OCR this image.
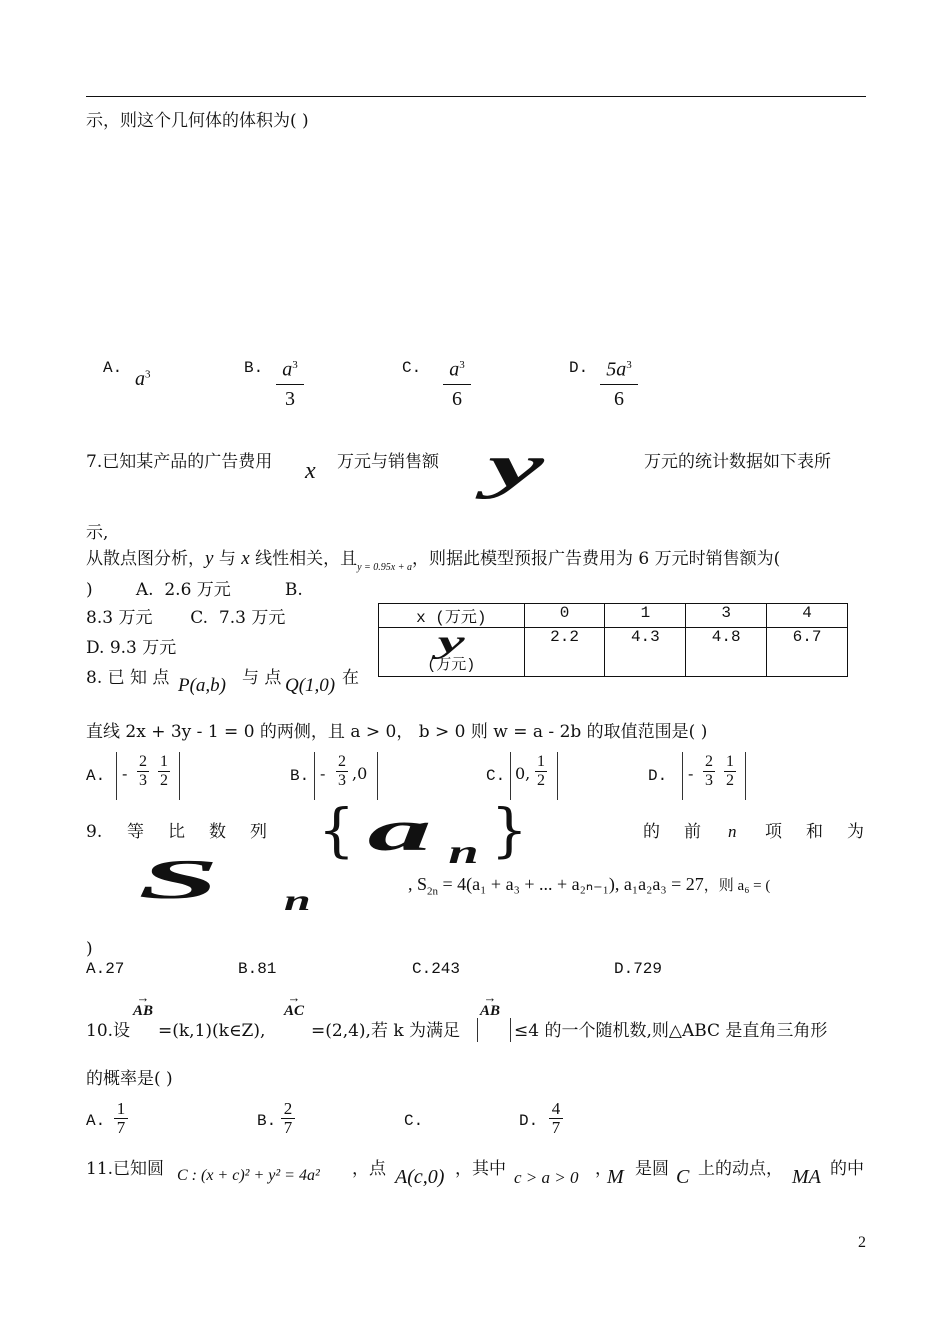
示，则这个几何体的体积为( )
A. $a^3$	B. $a^3$
3
C.	$a^3$
6
D. $5a^3$
6
7.已知某产品的广告费用 x 万元与销售额 y	万元的统计数据如下表所
示,
从散点图分析，y 与 x 线性相关，且$_{y = 0.95x + a}$，则据此模型预报广告费用为 6 万元时销售额为(
)        A.  2.6 万元          B.
8.3 万元       C.  7.3 万元
D. 9.3 万元
x (万元)	0	1	3	4
y
(万元)	2.2	4.3	4.8	6.7
8. 已 知 点 P(a,b) 与 点 Q(1,0) 在
直线 2x + 3y - 1 = 0 的两侧，且 a > 0， b > 0 则 w = a - 2b 的取值范围是( )
A. -
2
3
1
2	B. -
2
3 ,0	C. 0,
1
2	D. -
2
3
1
2
9. 等 比 数 列 { a $_n$ }	的 前 n 项 和 为
S $_n$
, $S_{2n} = 4(a_1 + a_3$ + ... + a₂ₙ₋₁), a₁a₂a₃ = 27，则 a₆ = (
)
A.27	B.81	C.243	D.729
→
AB
→
AC
→
AB
10.设 =(k,1)(k∈Z),	=(2,4),若 k 为满足	≤4 的一个随机数,则△ABC 是直角三角形
的概率是( )
A.
1
7	B.
2
7	C.	D.
4
7
11.已知圆 C : (x + c)² + y² = 4a² ，点 A(c,0) ，其中 c > a > 0 ，
M 是圆 C 上的动点， MA 的中
2
